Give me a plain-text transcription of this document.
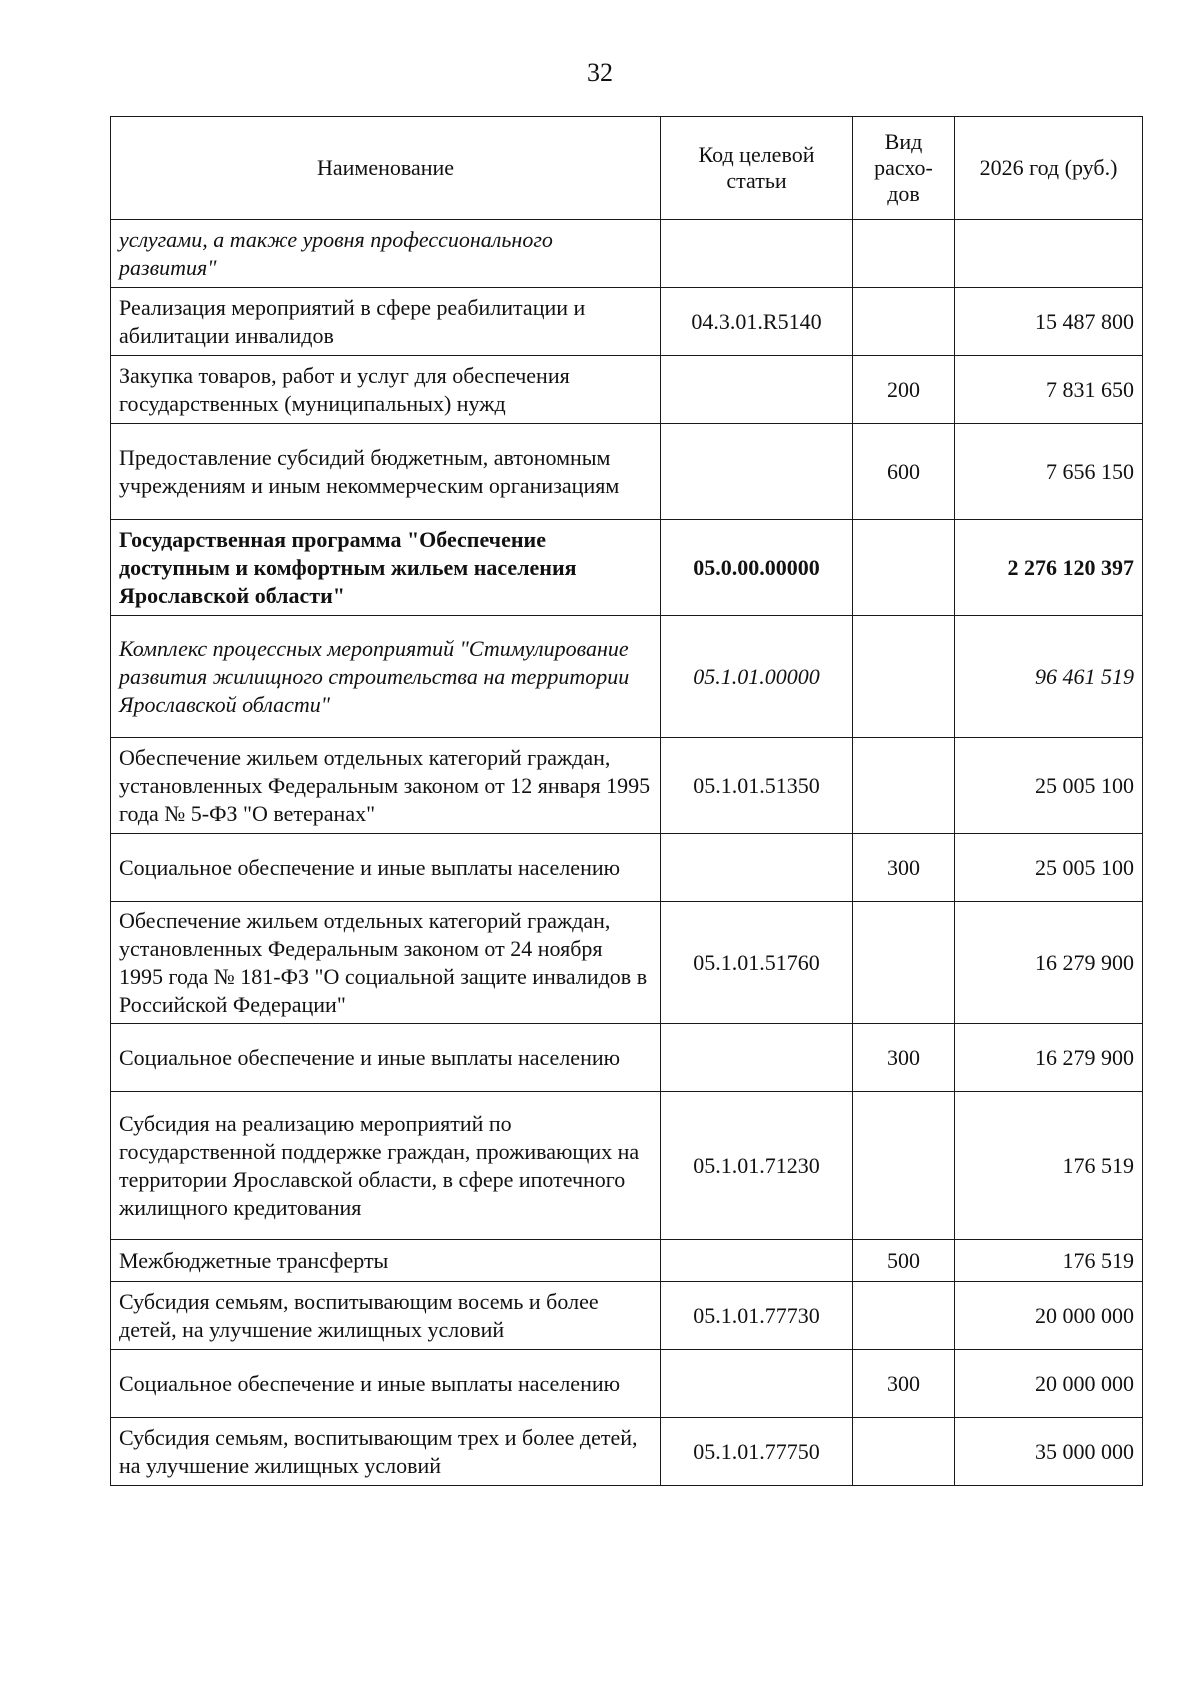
32
Наименование	Код целевой статьи	Вид расхо-дов	2026 год (руб.)
услугами, а также уровня профессионального развития"			
Реализация мероприятий в сфере реабилитации и абилитации инвалидов	04.3.01.R5140		15 487 800
Закупка товаров, работ и услуг для обеспечения государственных (муниципальных) нужд		200	7 831 650
Предоставление субсидий бюджетным, автономным учреждениям и иным некоммерческим организациям		600	7 656 150
Государственная программа "Обеспечение доступным и комфортным жильем населения Ярославской области"	05.0.00.00000		2 276 120 397
Комплекс процессных мероприятий "Стимулирование развития жилищного строительства на территории Ярославской области"	05.1.01.00000		96 461 519
Обеспечение жильем отдельных категорий граждан, установленных Федеральным законом от 12 января 1995 года № 5-ФЗ "О ветеранах"	05.1.01.51350		25 005 100
Социальное обеспечение и иные выплаты населению		300	25 005 100
Обеспечение жильем отдельных категорий граждан, установленных Федеральным законом от 24 ноября 1995 года № 181-ФЗ "О социальной защите инвалидов в Российской Федерации"	05.1.01.51760		16 279 900
Социальное обеспечение и иные выплаты населению		300	16 279 900
Субсидия на реализацию мероприятий по государственной поддержке граждан, проживающих на территории Ярославской области, в сфере ипотечного жилищного кредитования	05.1.01.71230		176 519
Межбюджетные трансферты		500	176 519
Субсидия семьям, воспитывающим восемь и более детей, на улучшение жилищных условий	05.1.01.77730		20 000 000
Социальное обеспечение и иные выплаты населению		300	20 000 000
Субсидия семьям, воспитывающим трех и более детей, на улучшение жилищных условий	05.1.01.77750		35 000 000
